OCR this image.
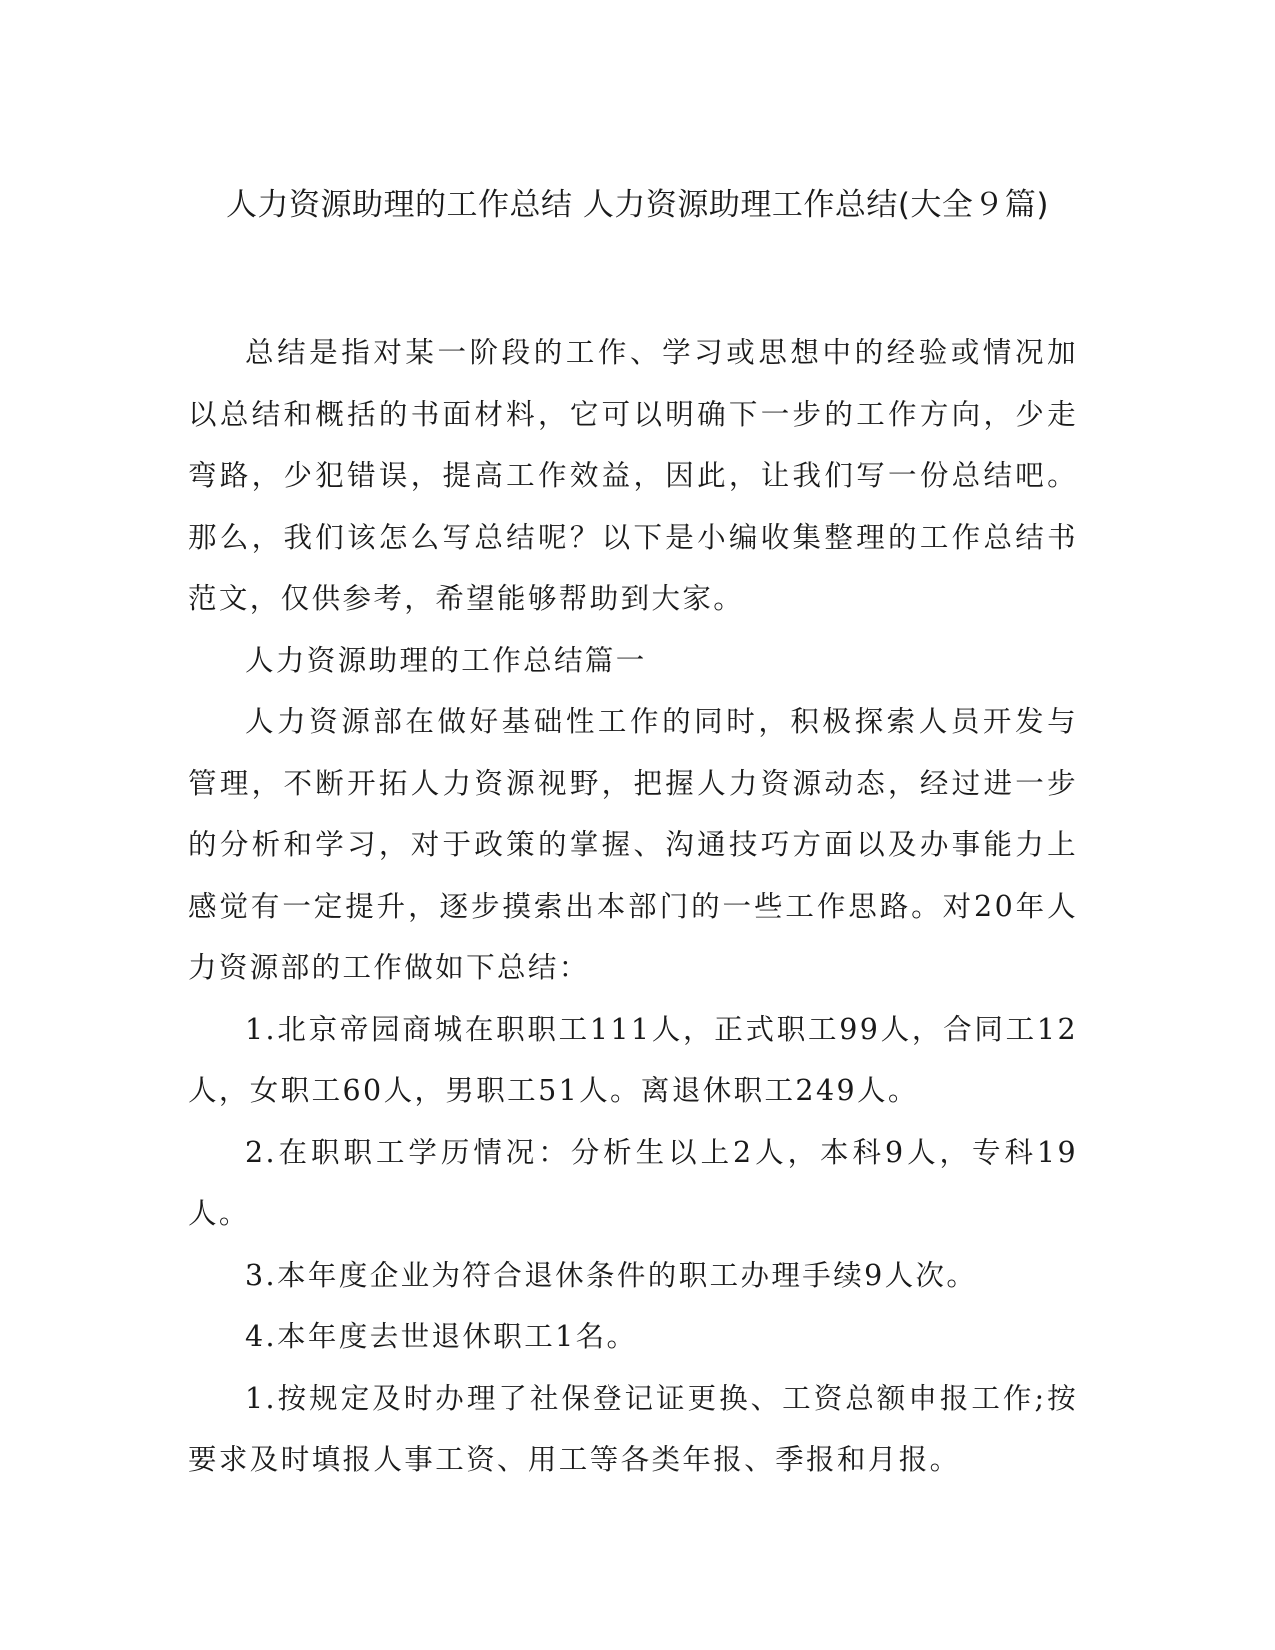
人力资源助理的工作总结 人力资源助理工作总结(大全９篇)

总结是指对某一阶段的工作、学习或思想中的经验或情况加以总结和概括的书面材料，它可以明确下一步的工作方向，少走弯路，少犯错误，提高工作效益，因此，让我们写一份总结吧。那么，我们该怎么写总结呢？以下是小编收集整理的工作总结书范文，仅供参考，希望能够帮助到大家。

人力资源助理的工作总结篇一

人力资源部在做好基础性工作的同时，积极探索人员开发与管理，不断开拓人力资源视野，把握人力资源动态，经过进一步的分析和学习，对于政策的掌握、沟通技巧方面以及办事能力上感觉有一定提升，逐步摸索出本部门的一些工作思路。对20年人力资源部的工作做如下总结：

1.北京帝园商城在职职工111人，正式职工99人，合同工12人，女职工60人，男职工51人。离退休职工249人。

2.在职职工学历情况：分析生以上2人，本科9人，专科19人。

3.本年度企业为符合退休条件的职工办理手续9人次。

4.本年度去世退休职工1名。

1.按规定及时办理了社保登记证更换、工资总额申报工作;按要求及时填报人事工资、用工等各类年报、季报和月报。
